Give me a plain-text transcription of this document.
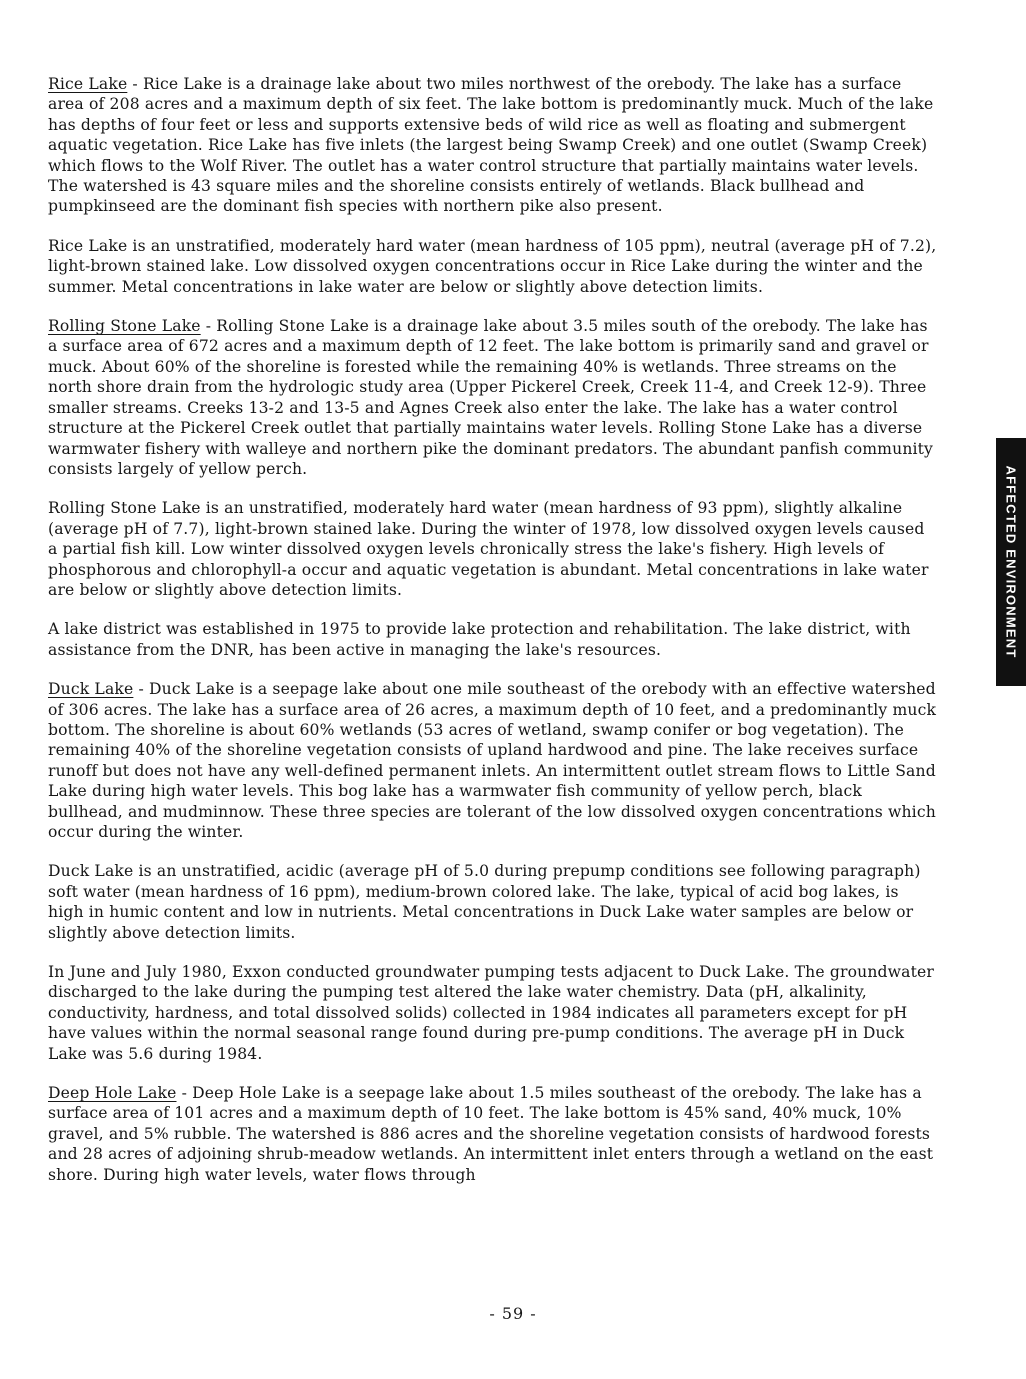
Rice Lake - Rice Lake is a drainage lake about two miles northwest of the orebody. The lake has a surface area of 208 acres and a maximum depth of six feet. The lake bottom is predominantly muck. Much of the lake has depths of four feet or less and supports extensive beds of wild rice as well as floating and submergent aquatic vegetation. Rice Lake has five inlets (the largest being Swamp Creek) and one outlet (Swamp Creek) which flows to the Wolf River. The outlet has a water control structure that partially maintains water levels. The watershed is 43 square miles and the shoreline consists entirely of wetlands. Black bullhead and pumpkinseed are the dominant fish species with northern pike also present.

Rice Lake is an unstratified, moderately hard water (mean hardness of 105 ppm), neutral (average pH of 7.2), light-brown stained lake. Low dissolved oxygen concentrations occur in Rice Lake during the winter and the summer. Metal concentrations in lake water are below or slightly above detection limits.

Rolling Stone Lake - Rolling Stone Lake is a drainage lake about 3.5 miles south of the orebody. The lake has a surface area of 672 acres and a maximum depth of 12 feet. The lake bottom is primarily sand and gravel or muck. About 60% of the shoreline is forested while the remaining 40% is wetlands. Three streams on the north shore drain from the hydrologic study area (Upper Pickerel Creek, Creek 11-4, and Creek 12-9). Three smaller streams. Creeks 13-2 and 13-5 and Agnes Creek also enter the lake. The lake has a water control structure at the Pickerel Creek outlet that partially maintains water levels. Rolling Stone Lake has a diverse warmwater fishery with walleye and northern pike the dominant predators. The abundant panfish community consists largely of yellow perch.

Rolling Stone Lake is an unstratified, moderately hard water (mean hardness of 93 ppm), slightly alkaline (average pH of 7.7), light-brown stained lake. During the winter of 1978, low dissolved oxygen levels caused a partial fish kill. Low winter dissolved oxygen levels chronically stress the lake's fishery. High levels of phosphorous and chlorophyll-a occur and aquatic vegetation is abundant. Metal concentrations in lake water are below or slightly above detection limits.

A lake district was established in 1975 to provide lake protection and rehabilitation. The lake district, with assistance from the DNR, has been active in managing the lake's resources.

Duck Lake - Duck Lake is a seepage lake about one mile southeast of the orebody with an effective watershed of 306 acres. The lake has a surface area of 26 acres, a maximum depth of 10 feet, and a predominantly muck bottom. The shoreline is about 60% wetlands (53 acres of wetland, swamp conifer or bog vegetation). The remaining 40% of the shoreline vegetation consists of upland hardwood and pine. The lake receives surface runoff but does not have any well-defined permanent inlets. An intermittent outlet stream flows to Little Sand Lake during high water levels. This bog lake has a warmwater fish community of yellow perch, black bullhead, and mudminnow. These three species are tolerant of the low dissolved oxygen concentrations which occur during the winter.

Duck Lake is an unstratified, acidic (average pH of 5.0 during prepump conditions see following paragraph) soft water (mean hardness of 16 ppm), medium-brown colored lake. The lake, typical of acid bog lakes, is high in humic content and low in nutrients. Metal concentrations in Duck Lake water samples are below or slightly above detection limits.

In June and July 1980, Exxon conducted groundwater pumping tests adjacent to Duck Lake. The groundwater discharged to the lake during the pumping test altered the lake water chemistry. Data (pH, alkalinity, conductivity, hardness, and total dissolved solids) collected in 1984 indicates all parameters except for pH have values within the normal seasonal range found during pre-pump conditions. The average pH in Duck Lake was 5.6 during 1984.

Deep Hole Lake - Deep Hole Lake is a seepage lake about 1.5 miles southeast of the orebody. The lake has a surface area of 101 acres and a maximum depth of 10 feet. The lake bottom is 45% sand, 40% muck, 10% gravel, and 5% rubble. The watershed is 886 acres and the shoreline vegetation consists of hardwood forests and 28 acres of adjoining shrub-meadow wetlands. An intermittent inlet enters through a wetland on the east shore. During high water levels, water flows through

AFFECTED ENVIRONMENT
- 59 -
